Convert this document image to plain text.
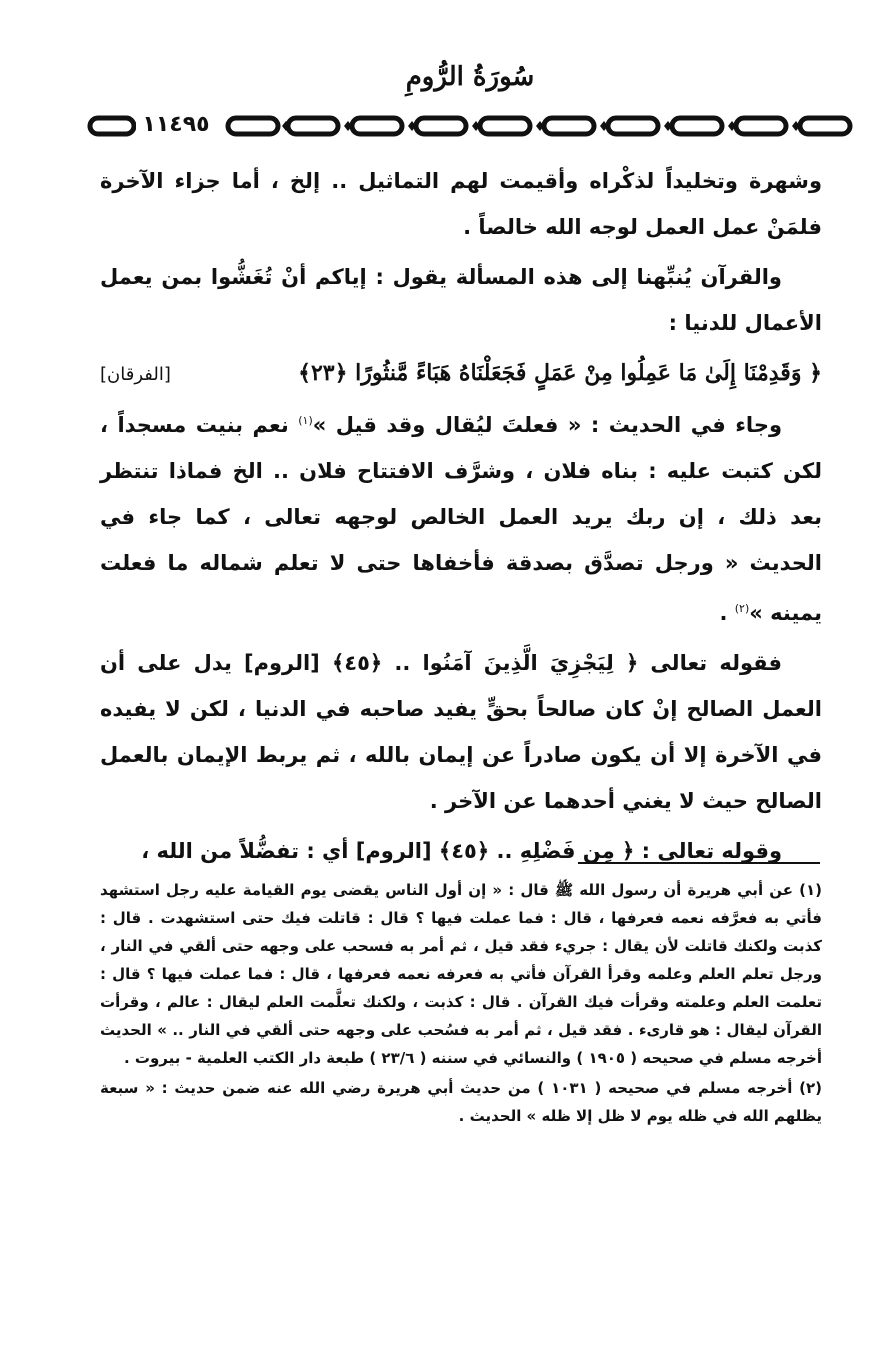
سُورَةُ الرُّومِ
١١٤٩٥

وشهرة وتخليداً لذكْراه وأقيمت لهم التماثيل .. إلخ ، أما جزاء الآخرة فلمَنْ عمل العمل لوجه الله خالصاً .

والقرآن يُنبِّهنا إلى هذه المسألة يقول : إياكم أنْ تُغَشُّوا بمن يعمل الأعمال للدنيا :

﴿ وَقَدِمْنَا إِلَىٰ مَا عَمِلُوا مِنْ عَمَلٍ فَجَعَلْنَاهُ هَبَاءً مَّنثُورًا ﴿٢٣﴾
[الفرقان]

وجاء في الحديث : « فعلتَ ليُقال وقد قيل »$^{(١)}$ نعم بنيت مسجداً ، لكن كتبت عليه : بناه فلان ، وشرَّف الافتتاح فلان .. الخ فماذا تنتظر بعد ذلك ، إن ربك يريد العمل الخالص لوجهه تعالى ، كما جاء في الحديث « ورجل تصدَّق بصدقة فأخفاها حتى لا تعلم شماله ما فعلت يمينه »$^{(٢)}$ .

فقوله تعالى ﴿ لِيَجْزِيَ الَّذِينَ آمَنُوا .. ﴿٤٥﴾ [الروم] يدل على أن العمل الصالح إنْ كان صالحاً بحقٍّ يفيد صاحبه في الدنيا ، لكن لا يفيده في الآخرة إلا أن يكون صادراً عن إيمان بالله ، ثم يربط الإيمان بالعمل الصالح حيث لا يغني أحدهما عن الآخر .

وقوله تعالى : ﴿ مِن فَضْلِهِ .. ﴿٤٥﴾ [الروم] أي : تفضُّلاً من الله ،

(١) عن أبي هريرة أن رسول الله ﷺ قال : « إن أول الناس يقضى يوم القيامة عليه رجل استشهد فأتي به فعرَّفه نعمه فعرفها ، قال : فما عملت فيها ؟ قال : قاتلت فيك حتى استشهدت . قال : كذبت ولكنك قاتلت لأن يقال : جريء فقد قيل ، ثم أمر به فسحب على وجهه حتى ألقي في النار ، ورجل تعلم العلم وعلمه وقرأ القرآن فأتي به فعرفه نعمه فعرفها ، قال : فما عملت فيها ؟ قال : تعلمت العلم وعلمته وقرأت فيك القرآن . قال : كذبت ، ولكنك تعلَّمت العلم ليقال : عالم ، وقرأت القرآن ليقال : هو قارىء . فقد قيل ، ثم أمر به فسُحب على وجهه حتى ألقي في النار .. » الحديث أخرجه مسلم في صحيحه ( ١٩٠٥ ) والنسائي في سننه ( ٢٣/٦ ) طبعة دار الكتب العلمية - بيروت .

(٢) أخرجه مسلم في صحيحه ( ١٠٣١ ) من حديث أبي هريرة رضي الله عنه ضمن حديث : « سبعة يظلهم الله في ظله يوم لا ظل إلا ظله » الحديث .
